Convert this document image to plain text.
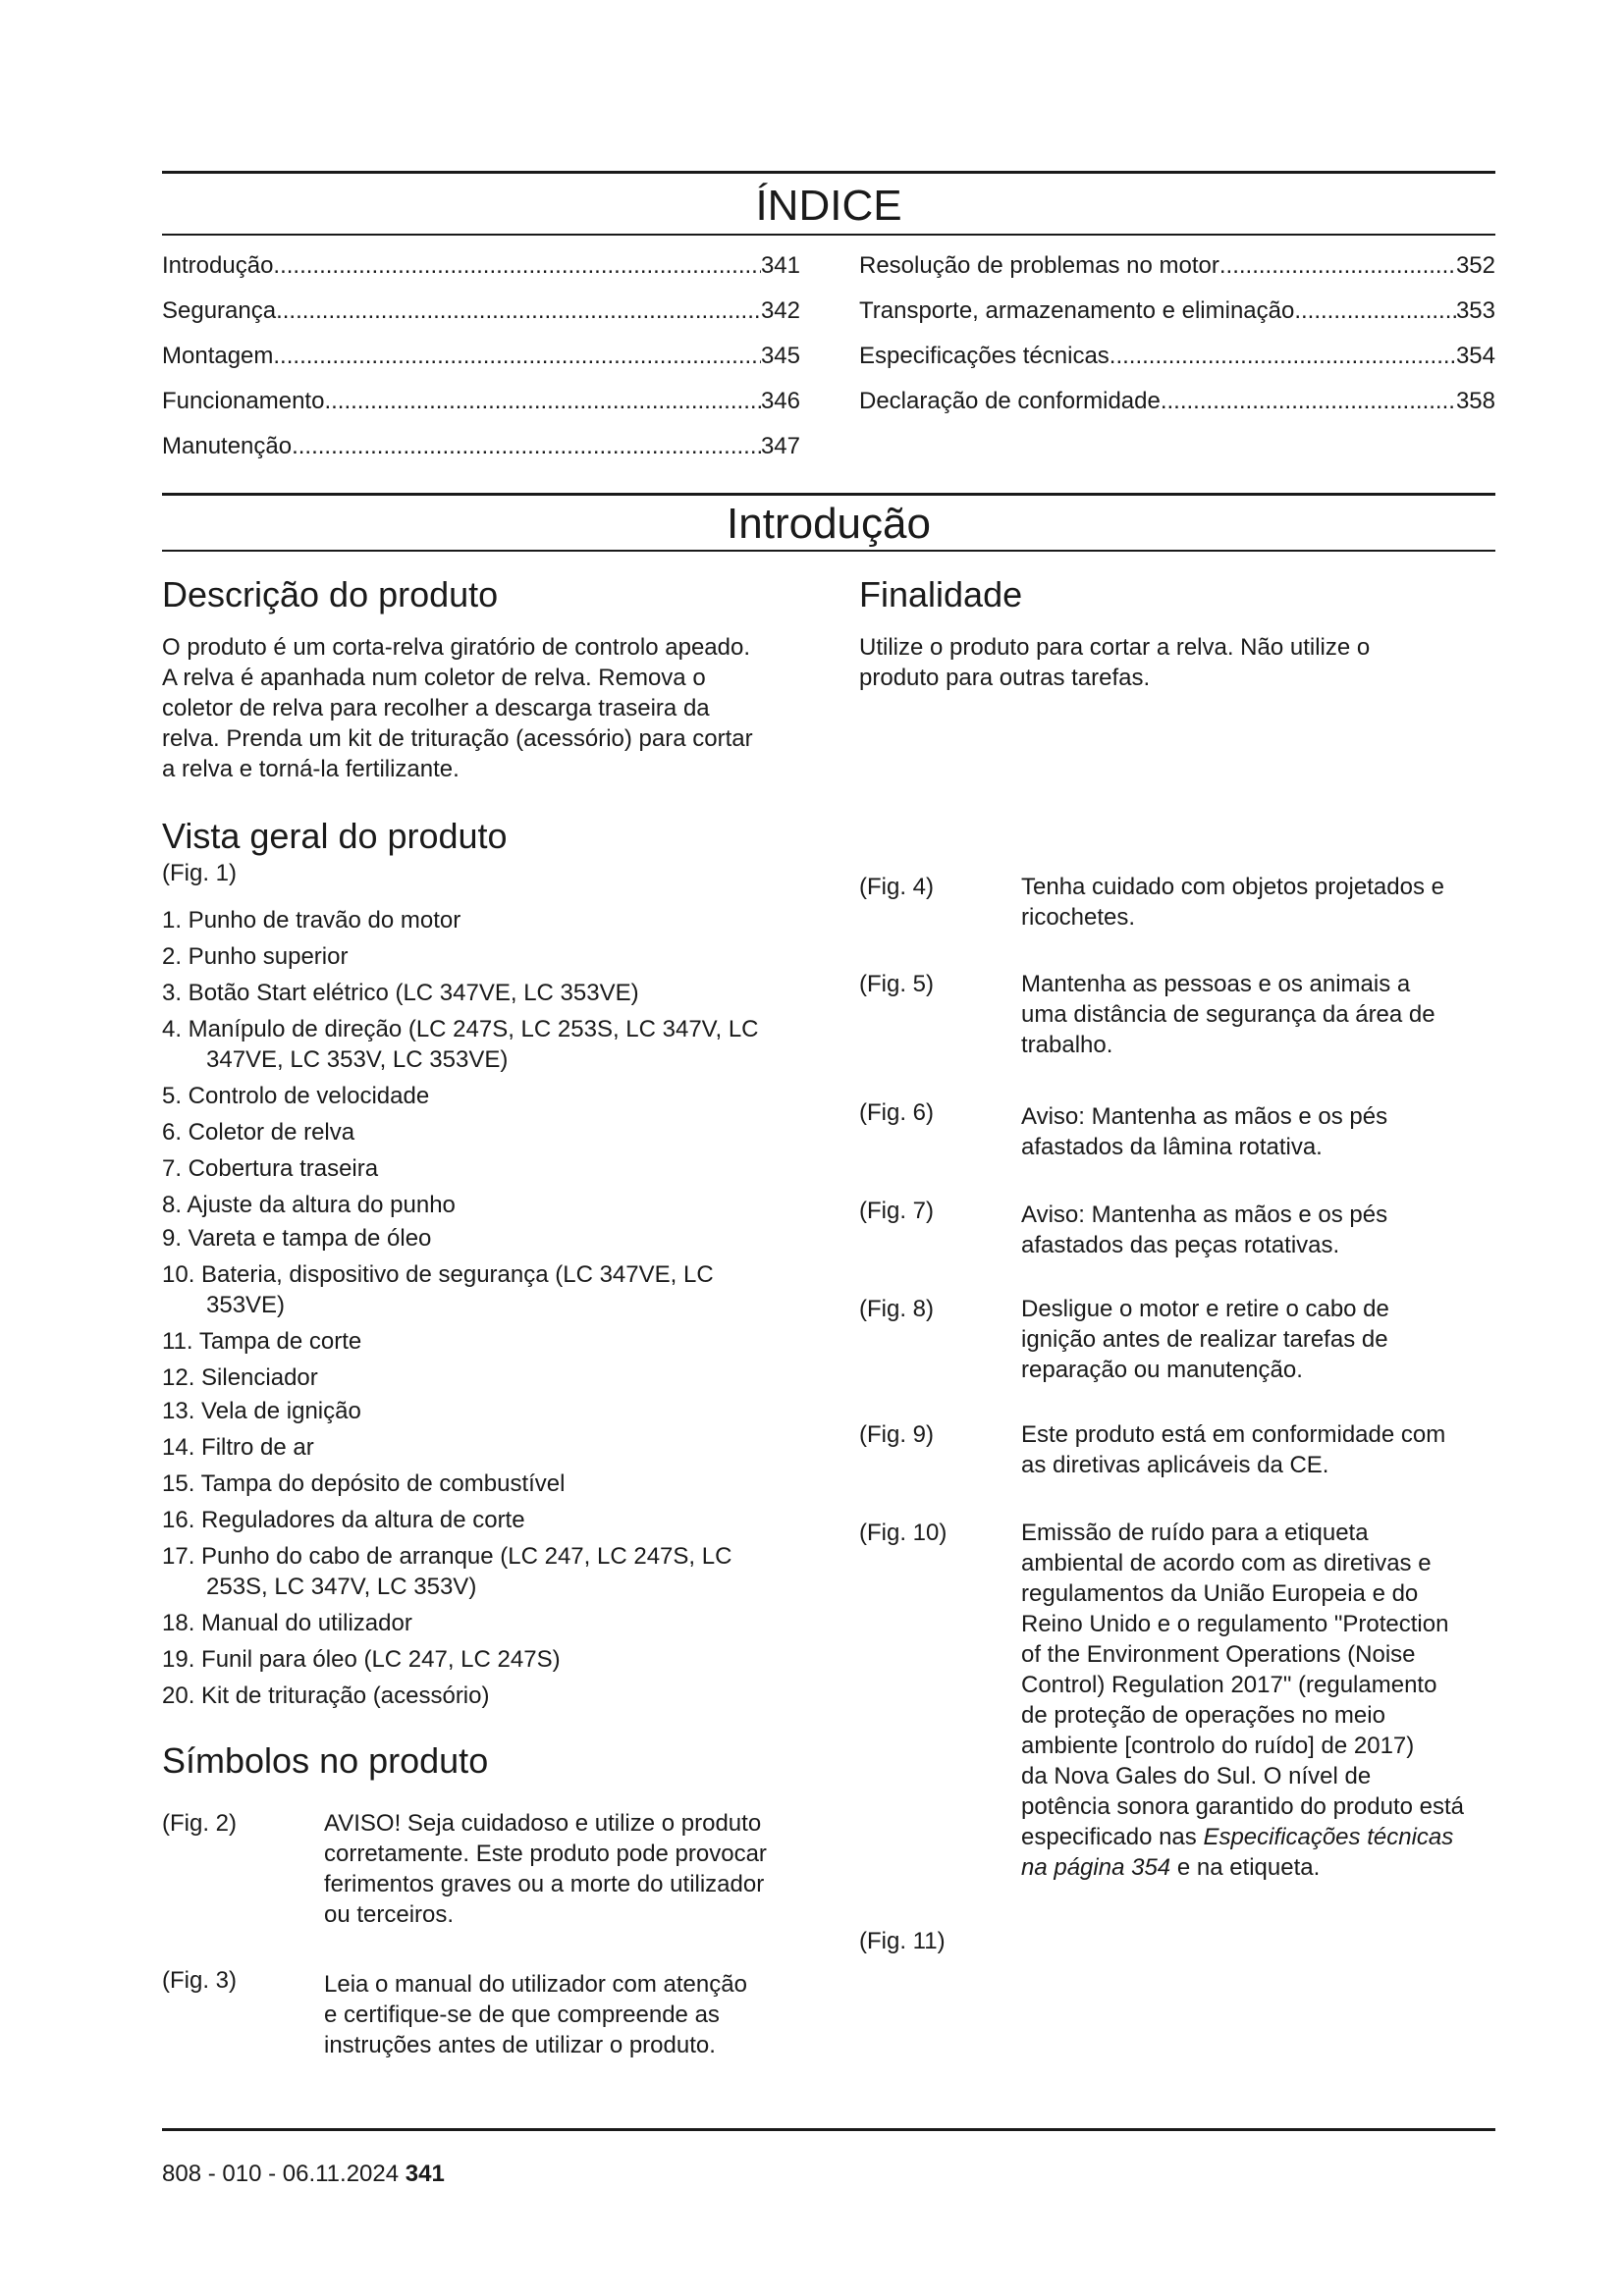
ÍNDICE
Introdução .....	341
Segurança .....	342
Montagem .....	345
Funcionamento .....	346
Manutenção .....	347
Resolução de problemas no motor .....	352
Transporte, armazenamento e eliminação .....	353
Especificações técnicas .....	354
Declaração de conformidade .....	358
Introdução
Descrição do produto
O produto é um corta-relva giratório de controlo apeado.
A relva é apanhada num coletor de relva. Remova o
coletor de relva para recolher a descarga traseira da
relva. Prenda um kit de trituração (acessório) para cortar
a relva e torná-la fertilizante.
Finalidade
Utilize o produto para cortar a relva. Não utilize o
produto para outras tarefas.
Vista geral do produto
(Fig. 1)
1. Punho de travão do motor
2. Punho superior
3. Botão Start elétrico (LC 347VE, LC 353VE)
4. Manípulo de direção (LC 247S, LC 253S, LC 347V, LC 347VE, LC 353V, LC 353VE)
5. Controlo de velocidade
6. Coletor de relva
7. Cobertura traseira
8. Ajuste da altura do punho
9. Vareta e tampa de óleo
10. Bateria, dispositivo de segurança (LC 347VE, LC 353VE)
11. Tampa de corte
12. Silenciador
13. Vela de ignição
14. Filtro de ar
15. Tampa do depósito de combustível
16. Reguladores da altura de corte
17. Punho do cabo de arranque (LC 247, LC 247S, LC 253S, LC 347V, LC 353V)
18. Manual do utilizador
19. Funil para óleo (LC 247, LC 247S)
20. Kit de trituração (acessório)
Símbolos no produto
(Fig. 2)	AVISO! Seja cuidadoso e utilize o produto
corretamente. Este produto pode provocar
ferimentos graves ou a morte do utilizador
ou terceiros.
(Fig. 3)	Leia o manual do utilizador com atenção
e certifique-se de que compreende as
instruções antes de utilizar o produto.
(Fig. 4)	Tenha cuidado com objetos projetados e
ricochetes.
(Fig. 5)	Mantenha as pessoas e os animais a
uma distância de segurança da área de
trabalho.
(Fig. 6)	Aviso: Mantenha as mãos e os pés
afastados da lâmina rotativa.
(Fig. 7)	Aviso: Mantenha as mãos e os pés
afastados das peças rotativas.
(Fig. 8)	Desligue o motor e retire o cabo de
ignição antes de realizar tarefas de
reparação ou manutenção.
(Fig. 9)	Este produto está em conformidade com
as diretivas aplicáveis da CE.
(Fig. 10)	Emissão de ruído para a etiqueta
ambiental de acordo com as diretivas e
regulamentos da União Europeia e do
Reino Unido e o regulamento "Protection
of the Environment Operations (Noise
Control) Regulation 2017" (regulamento
de proteção de operações no meio
ambiente [controlo do ruído] de 2017)
da Nova Gales do Sul. O nível de
potência sonora garantido do produto está
especificado nas Especificações técnicas
na página 354 e na etiqueta.
(Fig. 11)
808 - 010 - 06.11.2024 341
